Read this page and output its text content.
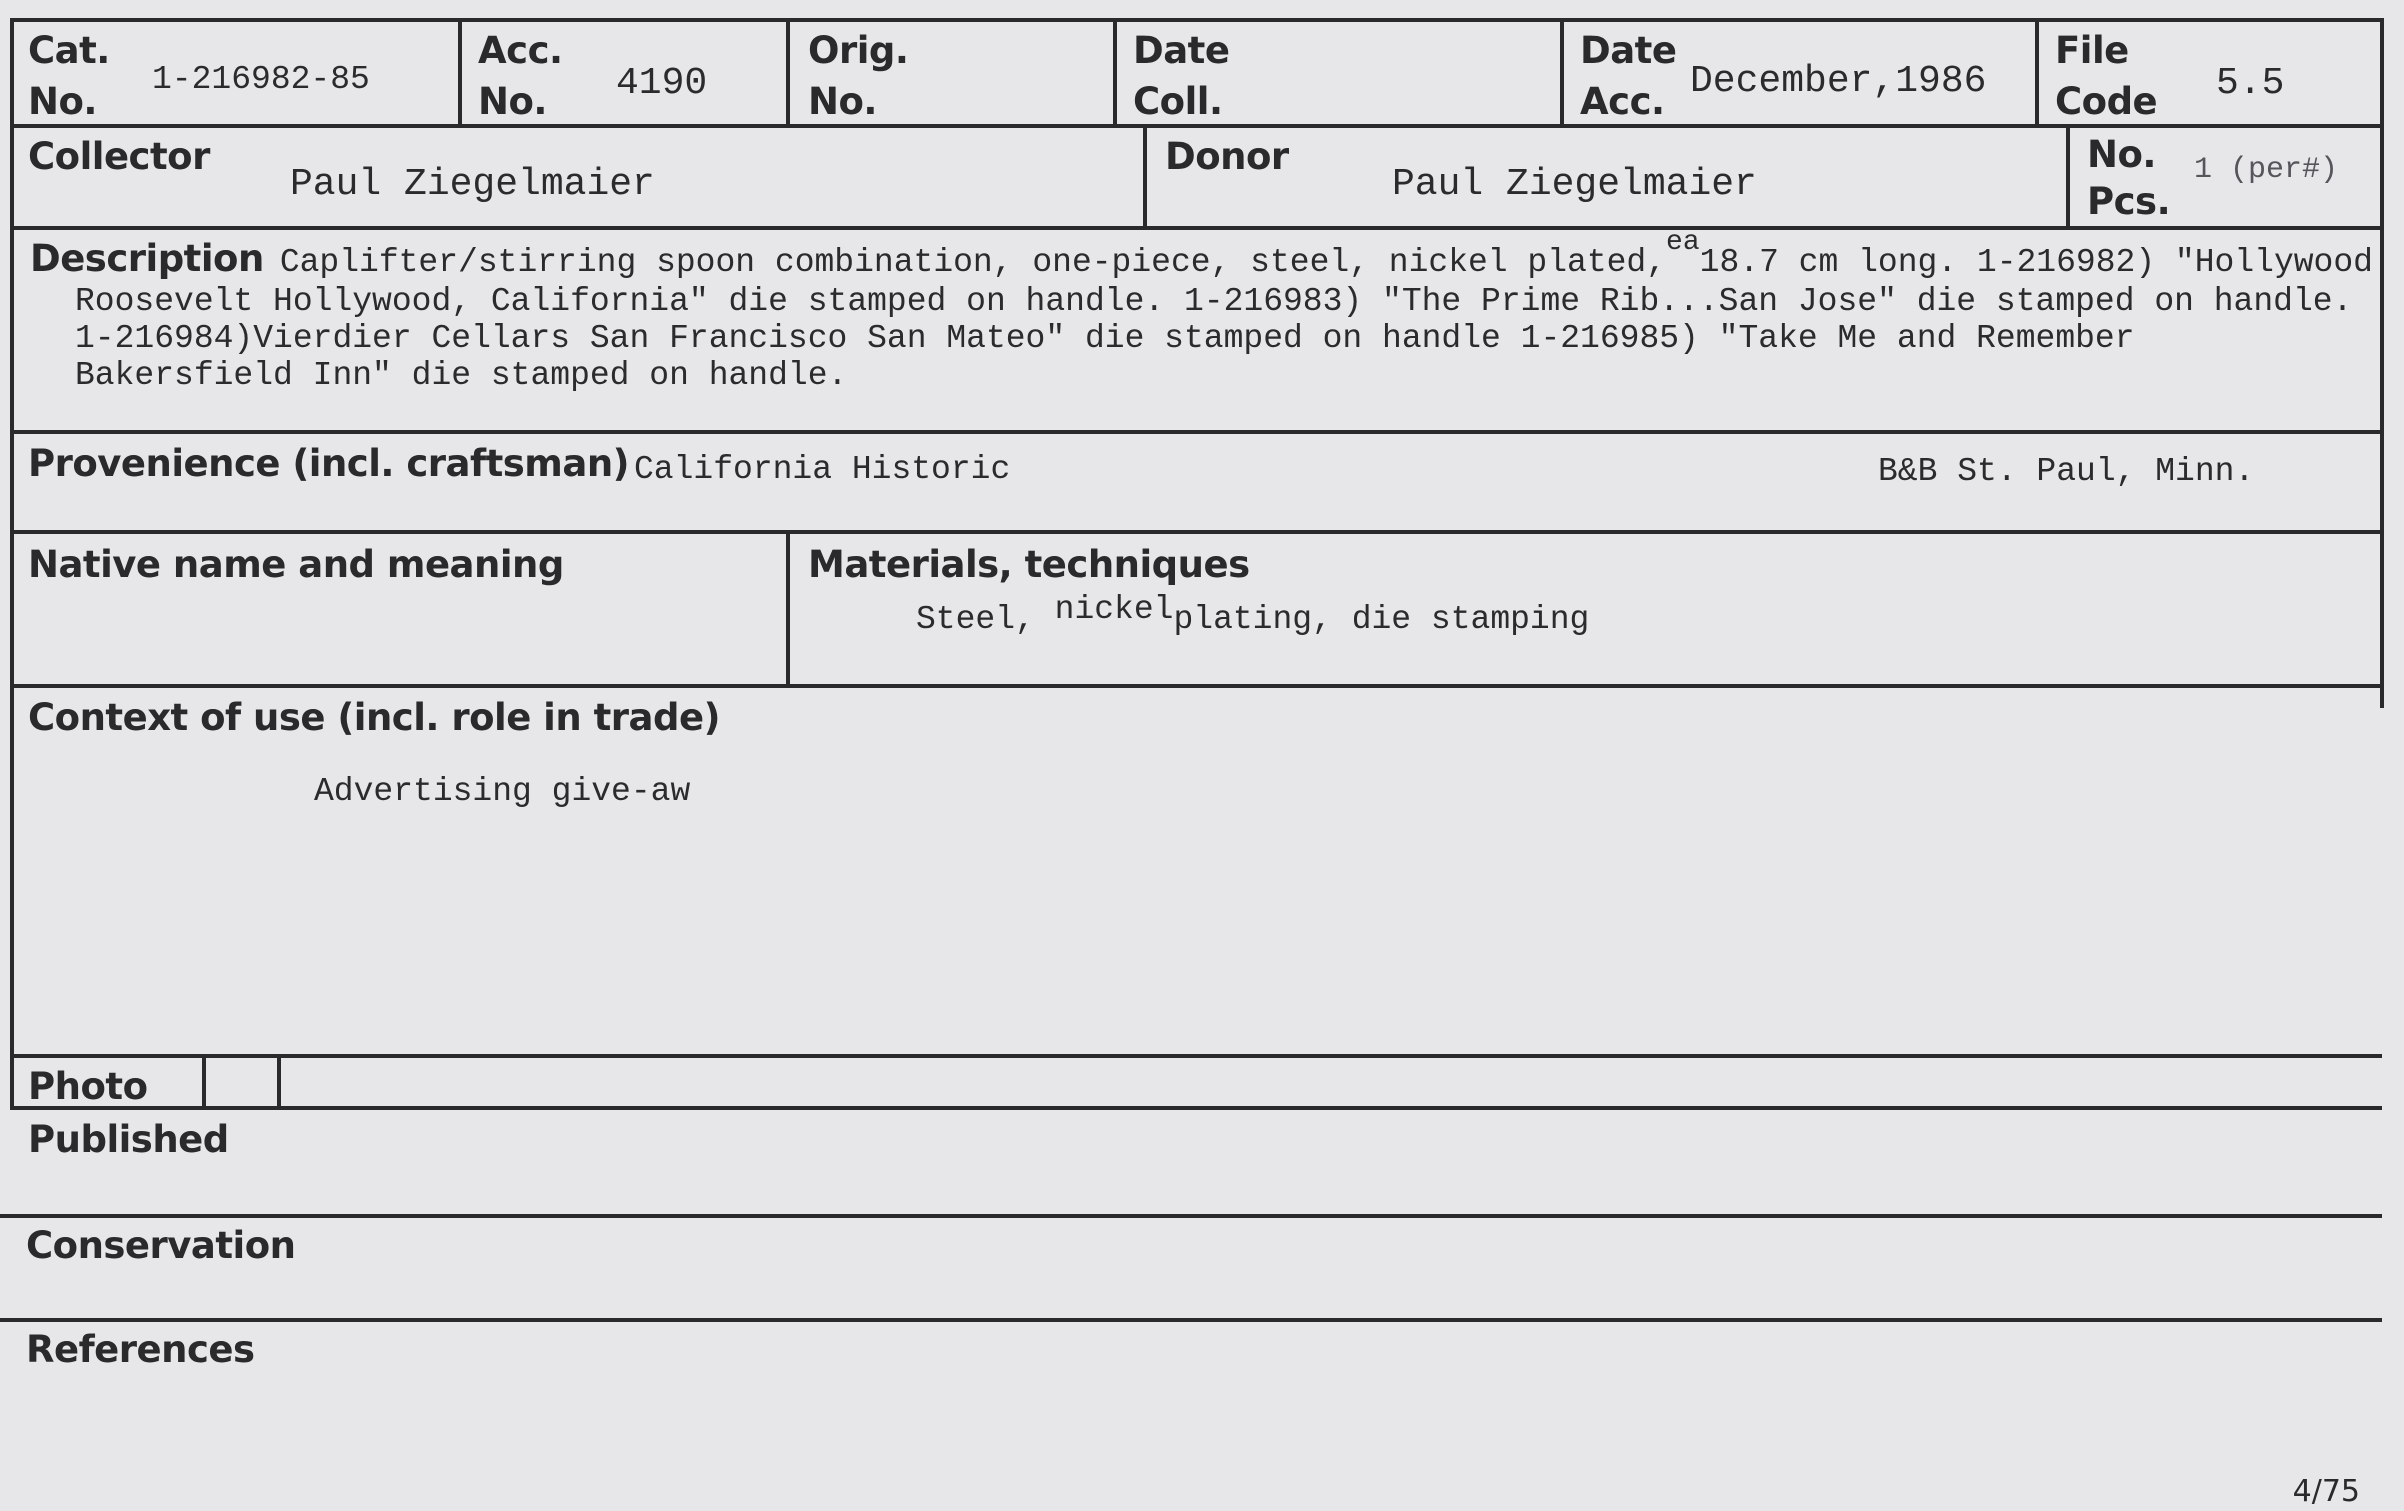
Cat.
No.
1-216982-85
Acc.
No. 4190
Orig.
No.
Date
Coll.
Date
Acc. December,1986
File
Code 5.5
Collector
Paul Ziegelmaier
Donor
Paul Ziegelmaier
No.
Pcs.
1 (per#)
Description Caplifter/stirring spoon combination, one-piece, steel, nickel plated,$^{ea}$18.7 cm long. 1-216982) "Hollywood
Roosevelt Hollywood, California" die stamped on handle. 1-216983) "The Prime Rib...San Jose" die stamped on handle.
1-216984)Vierdier Cellars San Francisco San Mateo" die stamped on handle 1-216985) "Take Me and Remember
Bakersfield Inn" die stamped on handle.
Provenience (incl. craftsman) California Historic	B&B St. Paul, Minn.
Native name and meaning	Materials, techniques
Steel, nickelplating, die stamping
Context of use (incl. role in trade)
Advertising give-aw
Photo
Published
Conservation
References
4/75
